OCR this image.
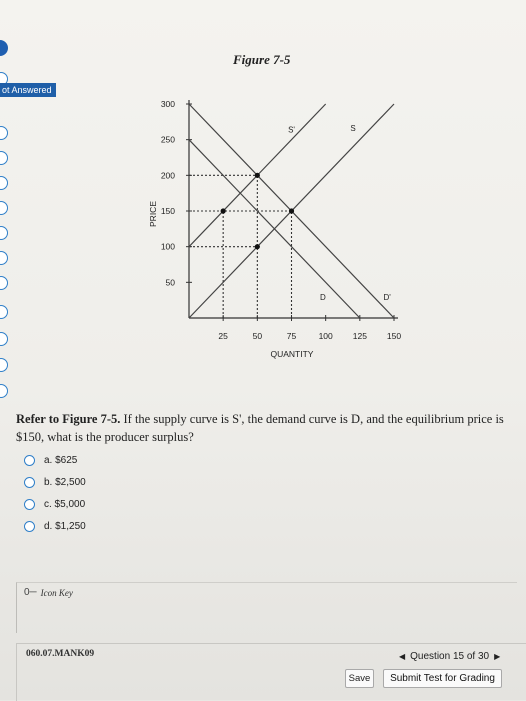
ot Answered
Figure 7-5
50
100
150
200
250
300
25	50	75	100 125 150
S'	S
D	D'
PRICE
QUANTITY
Refer to Figure 7-5. If the supply curve is S', the demand curve is D, and the equilibrium price is $150, what is the producer surplus?
a. $625
b. $2,500
c. $5,000
d. $1,250
0─ Icon Key
060.07.MANK09	◀ Question 15 of 30 ▶
Save	Submit Test for Grading
